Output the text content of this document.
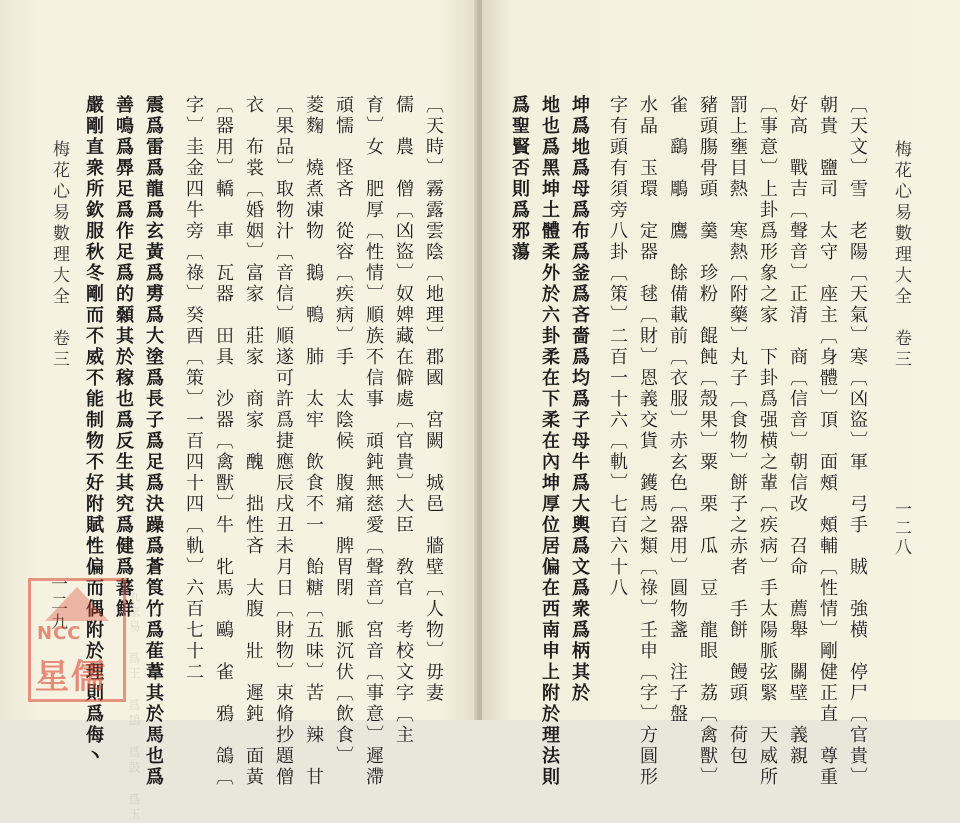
梅花心易數理大全　卷三
一二九	〔天時〕霧露雲陰〔地理〕郡國　宮闕　城邑　牆壁〔人物〕毋妻
儒　農　僧〔凶盜〕奴婢藏在僻處〔官貴〕大臣　敎官　考校文字〔主
育〕女　肥厚〔性情〕順族不信事　頑鈍無慈愛〔聲音〕宮音〔事意〕遲滯
頑懦　怪吝　從容〔疾病〕手　太陰候　腹痛　脾胃閉　脈沉伏〔飲食〕
菱麴　燒煮凍物　鵝　鴨　肺　太牢　飲食不一　飴糖〔五味〕苦　辣　甘
〔果品〕取物汁〔音信〕順遂可許爲捷應辰戌丑未月日〔財物〕束脩抄題僧
衣　布裳〔婚姻〕富家　莊家　商家　醜　拙性吝　大腹　壯　遲鈍　面黃
〔器用〕轎　車　瓦器　田具　沙器〔禽獸〕牛　牝馬　鷗　雀　鴉　鴿〔
字〕圭金四牛旁〔祿〕癸酉〔策〕一百四十四〔軌〕六百七十二
震爲雷爲龍爲玄黃爲旉爲大塗爲長子爲足爲決躁爲蒼筤竹爲萑葦其於馬也爲
善鳴爲馵足爲作足爲的顙其於稼也爲反生其究爲健爲蕃鮮
嚴剛直衆所欽服秋冬剛而不威不能制物不好附賦性偏而偶附於理則爲侮丶 九家易 爲王 爲鵠 爲鼓 爲玉
NCC
星儒
梅花心易數理大全　卷三
一二八
〔天文〕雪　老陽〔天氣〕寒〔凶盜〕軍　弓手　賊　強横　停尸〔官貴〕
朝貴　鹽司　太守　座主〔身體〕頂　面頰　頰輔〔性情〕剛健正直　尊重
好高　戰吉〔聲音〕正清　商〔信音〕朝信改　召命　薦舉　關壁　義親
〔事意〕上卦爲形象之家　下卦爲强横之輩〔疾病〕手太陽脈弦緊　天威所
罰上壅目熱　寒熱〔附藥〕丸子〔食物〕餅子之赤者　手餅　饅頭　荷包
豬頭膓骨頭　羹　珍粉　餛飩〔殼果〕粟　栗　瓜　豆　龍眼　荔〔禽獸〕
雀　鷂　鵰　鷹　餘備載前〔衣服〕赤玄色〔器用〕圓物盞　注子盤
水晶　玉環　定器　毬〔財〕恩義交貨　鑊馬之類〔祿〕壬申〔字〕方圓形
字有頭有須旁八卦〔策〕二百一十六〔軌〕七百六十八
坤爲地爲母爲布爲釜爲吝嗇爲均爲子母牛爲大輿爲文爲衆爲柄其於
地也爲黑坤土體柔外於六卦柔在下柔在內坤厚位居偏在西南申上附於理法則
爲聖賢否則爲邪蕩
